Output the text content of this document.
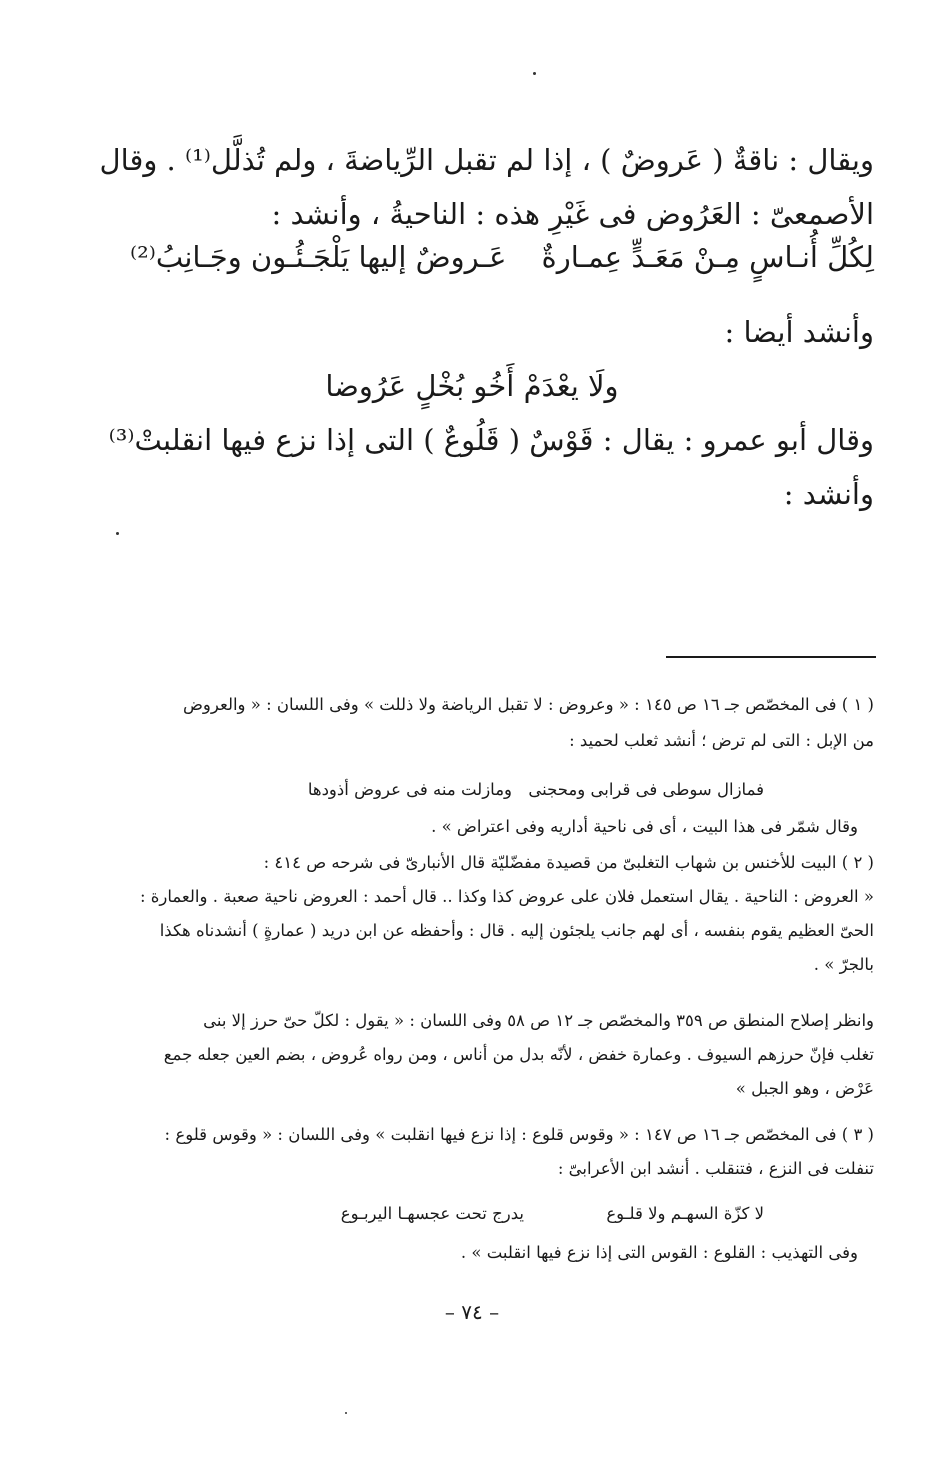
ويقال : ناقةٌ ( عَروضٌ ) ، إذا لم تقبل الرِّياضةَ ، ولم تُذلَّل⁽¹⁾ . وقال
الأصمعىّ : العَرُوض فى غَيْرِ هذه : الناحيةُ ، وأنشد :
لِكُلِّ أُنـاسٍ مِـنْ مَعَـدٍّ عِمـارةٌ
عَـروضٌ إليها يَلْجَـئُـون وجَـانِبُ⁽²⁾
وأنشد أيضا :
ولَا يعْدَمْ أَخُو بُخْلٍ عَرُوضا
وقال أبو عمرو : يقال : قَوْسٌ ( قَلُوعٌ ) التى إذا نزع فيها انقلبتْ⁽³⁾
وأنشد :
( ١ ) فى المخصّص جـ ١٦ ص ١٤٥ : « وعروض : لا تقبل الرياضة ولا ذللت » وفى اللسان : « والعروض
من الإبل : التى لم ترض ؛ أنشد ثعلب لحميد :
فمازال سوطى فى قرابى ومحجنى
ومازلت منه فى عروض أذودها
وقال شمّر فى هذا البيت ، أى فى ناحية أداريه وفى اعتراض » .
( ٢ ) البيت للأخنس بن شهاب التغلبىّ من قصيدة مفضّليّة قال الأنبارىّ فى شرحه ص ٤١٤ :
« العروض : الناحية . يقال استعمل فلان على عروض كذا وكذا .. قال أحمد : العروض ناحية صعبة . والعمارة :
الحىّ العظيم يقوم بنفسه ، أى لهم جانب يلجئون إليه . قال : وأحفظه عن ابن دريد ( عمارةٍ ) أنشدناه هكذا
بالجرّ » .
وانظر إصلاح المنطق ص ٣٥٩ والمخصّص جـ ١٢ ص ٥٨ وفى اللسان : « يقول : لكلّ حىّ حرز إلا بنى
تغلب فإنّ حرزهم السيوف . وعمارة خفض ، لأنّه بدل من أناس ، ومن رواه عُروض ، بضم العين جعله جمع
عَرْض ، وهو الجبل »
( ٣ ) فى المخصّص جـ ١٦ ص ١٤٧ : « وقوس قلوع : إذا نزع فيها انقلبت » وفى اللسان : « وقوس قلوع :
تنفلت فى النزع ، فتنقلب . أنشد ابن الأعرابىّ :
لا كزّة السهـم ولا قلـوع
يدرج تحت عجسهـا اليربـوع
وفى التهذيب : القلوع : القوس التى إذا نزع فيها انقلبت » .
– ٧٤ –
